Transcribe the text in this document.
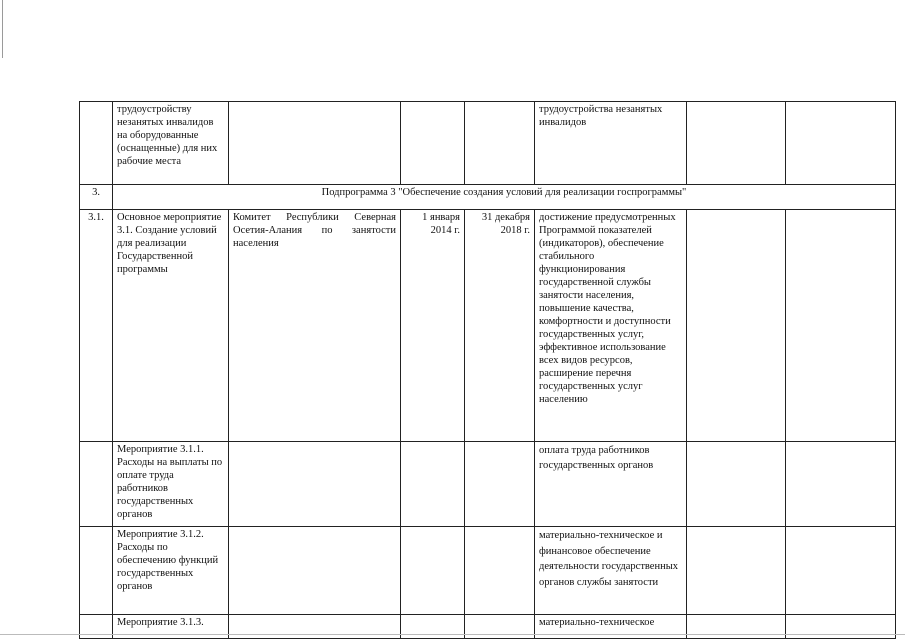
	трудоустройству незанятых инвалидов на оборудованные (оснащенные) для них рабочие места				трудоустройства незанятых инвалидов		
3.	Подпрограмма 3 "Обеспечение создания условий для реализации госпрограммы"						
3.1.	Основное мероприятие 3.1. Создание условий для реализации Государственной программы	Комитет Республики Северная Осетия-Алания по занятости населения	1 января 2014 г.	31 декабря 2018 г.	достижение предусмотренных Программой показателей (индикаторов), обеспечение стабильного функционирования государственной службы занятости населения, повышение качества, комфортности и доступности государственных услуг, эффективное использование всех видов ресурсов, расширение перечня государственных услуг населению		
	Мероприятие 3.1.1. Расходы на выплаты по оплате труда работников государственных органов				оплата труда работников государственных органов		
	Мероприятие 3.1.2. Расходы по обеспечению функций государственных органов				материально-техническое и финансовое обеспечение деятельности государственных органов службы занятости		
	Мероприятие 3.1.3.				материально-техническое		
